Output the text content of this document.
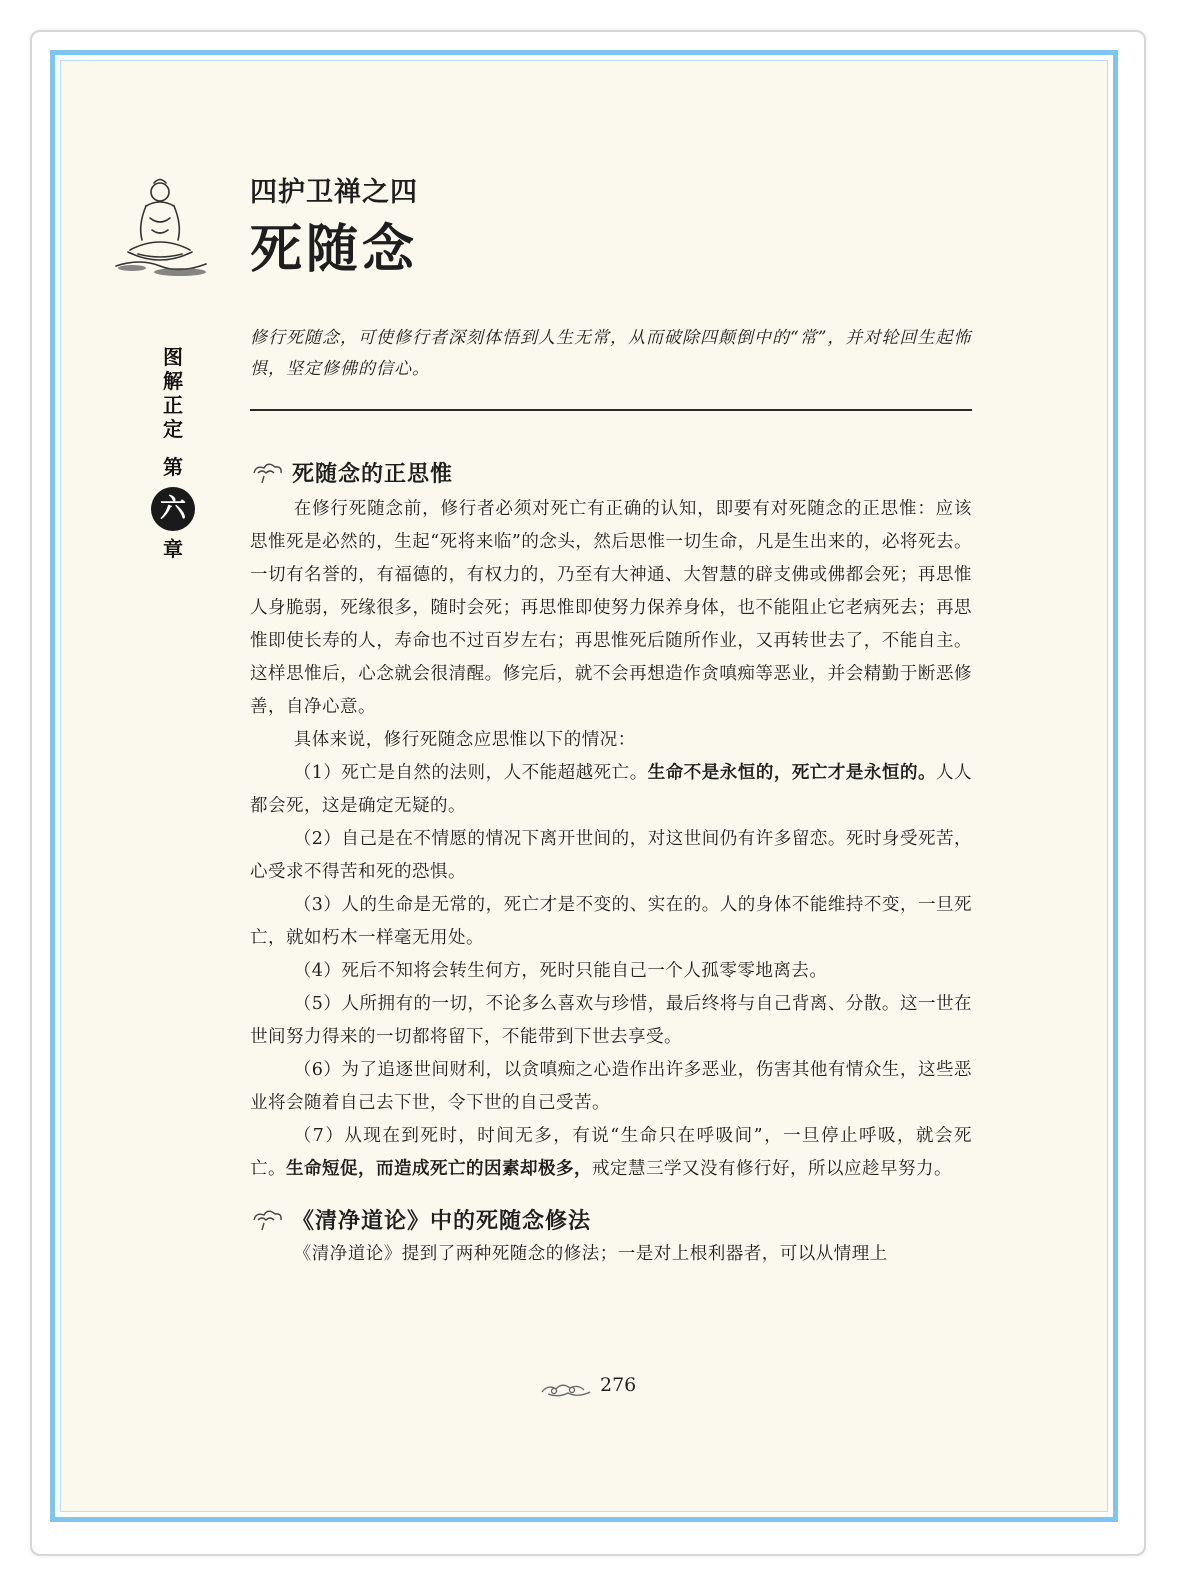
图
解
正
定
第
六
章
四护卫禅之四
死随念

修行死随念，可使修行者深刻体悟到人生无常，从而破除四颠倒中的“常”，并对轮回生起怖惧，坚定修佛的信心。

死随念的正思惟

在修行死随念前，修行者必须对死亡有正确的认知，即要有对死随念的正思惟：应该思惟死是必然的，生起“死将来临”的念头，然后思惟一切生命，凡是生出来的，必将死去。一切有名誉的，有福德的，有权力的，乃至有大神通、大智慧的辟支佛或佛都会死；再思惟人身脆弱，死缘很多，随时会死；再思惟即使努力保养身体，也不能阻止它老病死去；再思惟即使长寿的人，寿命也不过百岁左右；再思惟死后随所作业，又再转世去了，不能自主。这样思惟后，心念就会很清醒。修完后，就不会再想造作贪嗔痴等恶业，并会精勤于断恶修善，自净心意。

具体来说，修行死随念应思惟以下的情况：

（1）死亡是自然的法则，人不能超越死亡。生命不是永恒的，死亡才是永恒的。人人都会死，这是确定无疑的。

（2）自己是在不情愿的情况下离开世间的，对这世间仍有许多留恋。死时身受死苦，心受求不得苦和死的恐惧。

（3）人的生命是无常的，死亡才是不变的、实在的。人的身体不能维持不变，一旦死亡，就如朽木一样毫无用处。

（4）死后不知将会转生何方，死时只能自己一个人孤零零地离去。

（5）人所拥有的一切，不论多么喜欢与珍惜，最后终将与自己背离、分散。这一世在世间努力得来的一切都将留下，不能带到下世去享受。

（6）为了追逐世间财利，以贪嗔痴之心造作出许多恶业，伤害其他有情众生，这些恶业将会随着自己去下世，令下世的自己受苦。

（7）从现在到死时，时间无多，有说“生命只在呼吸间”，一旦停止呼吸，就会死亡。生命短促，而造成死亡的因素却极多，戒定慧三学又没有修行好，所以应趁早努力。

《清净道论》中的死随念修法

《清净道论》提到了两种死随念的修法；一是对上根利器者，可以从情理上

276
